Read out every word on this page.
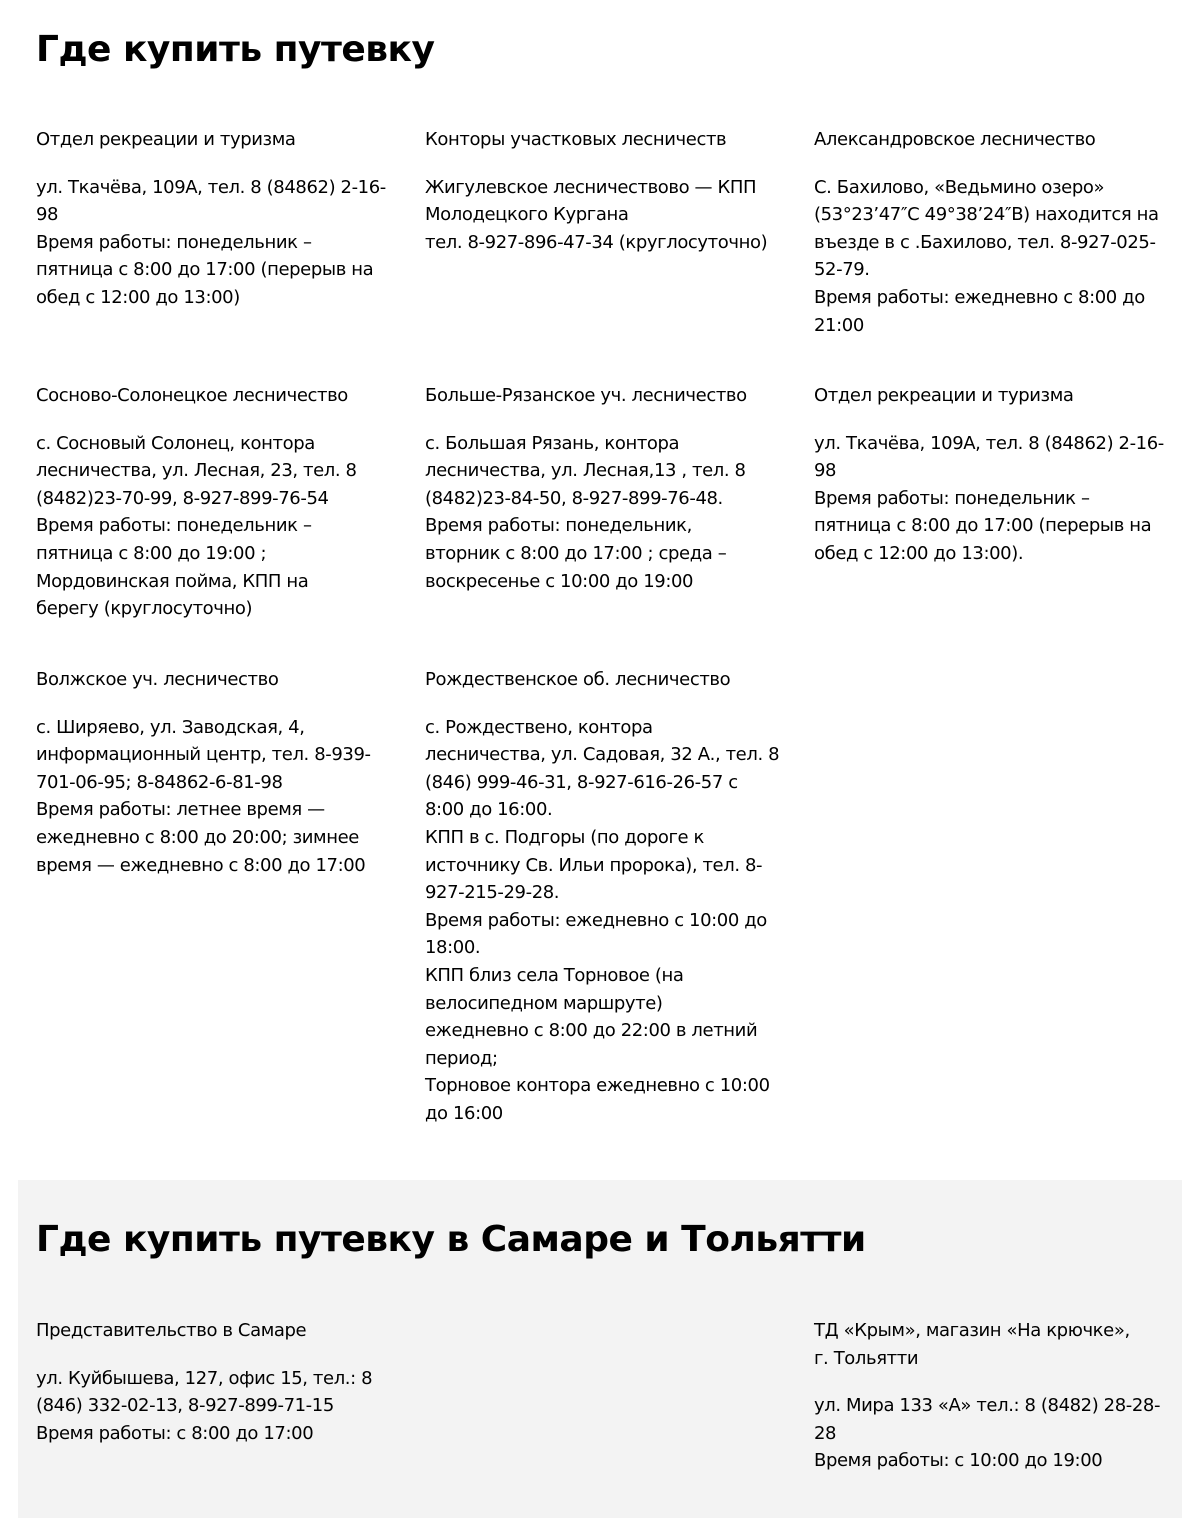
Где купить путевку

Отдел рекреации и туризма

ул. Ткачёва, 109А, тел. 8 (84862) 2-16-
98
Время работы: понедельник –
пятница с 8:00 до 17:00 (перерыв на
обед с 12:00 до 13:00)

Конторы участковых лесничеств

Жигулевское лесничествово — КПП
Молодецкого Кургана
тел. 8-927-896-47-34 (круглосуточно)

Александровское лесничество

С. Бахилово, «Ведьмино озеро»
(53°23’47″С 49°38’24″В) находится на
въезде в с .Бахилово, тел. 8-927-025-
52-79.
Время работы: ежедневно с 8:00 до
21:00

Сосново-Солонецкое лесничество

с. Сосновый Солонец, контора
лесничества, ул. Лесная, 23, тел. 8
(8482)23-70-99, 8-927-899-76-54
Время работы: понедельник –
пятница с 8:00 до 19:00 ;
Мордовинская пойма, КПП на
берегу (круглосуточно)

Больше-Рязанское уч. лесничество

с. Большая Рязань, контора
лесничества, ул. Лесная,13 , тел. 8
(8482)23-84-50, 8-927-899-76-48.
Время работы: понедельник,
вторник с 8:00 до 17:00 ; среда –
воскресенье с 10:00 до 19:00

Отдел рекреации и туризма

ул. Ткачёва, 109А, тел. 8 (84862) 2-16-
98
Время работы: понедельник –
пятница с 8:00 до 17:00 (перерыв на
обед с 12:00 до 13:00).

Волжское уч. лесничество

с. Ширяево, ул. Заводская, 4,
информационный центр, тел. 8-939-
701-06-95; 8-84862-6-81-98
Время работы: летнее время —
ежедневно с 8:00 до 20:00; зимнее
время — ежедневно с 8:00 до 17:00

Рождественское об. лесничество

с. Рождествено, контора
лесничества, ул. Садовая, 32 А., тел. 8
(846) 999-46-31, 8-927-616-26-57 с
8:00 до 16:00.
КПП в с. Подгоры (по дороге к
источнику Св. Ильи пророка), тел. 8-
927-215-29-28.
Время работы: ежедневно с 10:00 до
18:00.
КПП близ села Торновое (на
велосипедном маршруте)
ежедневно с 8:00 до 22:00 в летний
период;
Торновое контора ежедневно с 10:00
до 16:00

Где купить путевку в Самаре и Тольятти

Представительство в Самаре

ул. Куйбышева, 127, офис 15, тел.: 8
(846) 332-02-13, 8-927-899-71-15
Время работы: с 8:00 до 17:00

ТД «Крым», магазин «На крючке»,
г. Тольятти

ул. Мира 133 «А» тел.: 8 (8482) 28-28-
28
Время работы: с 10:00 до 19:00
